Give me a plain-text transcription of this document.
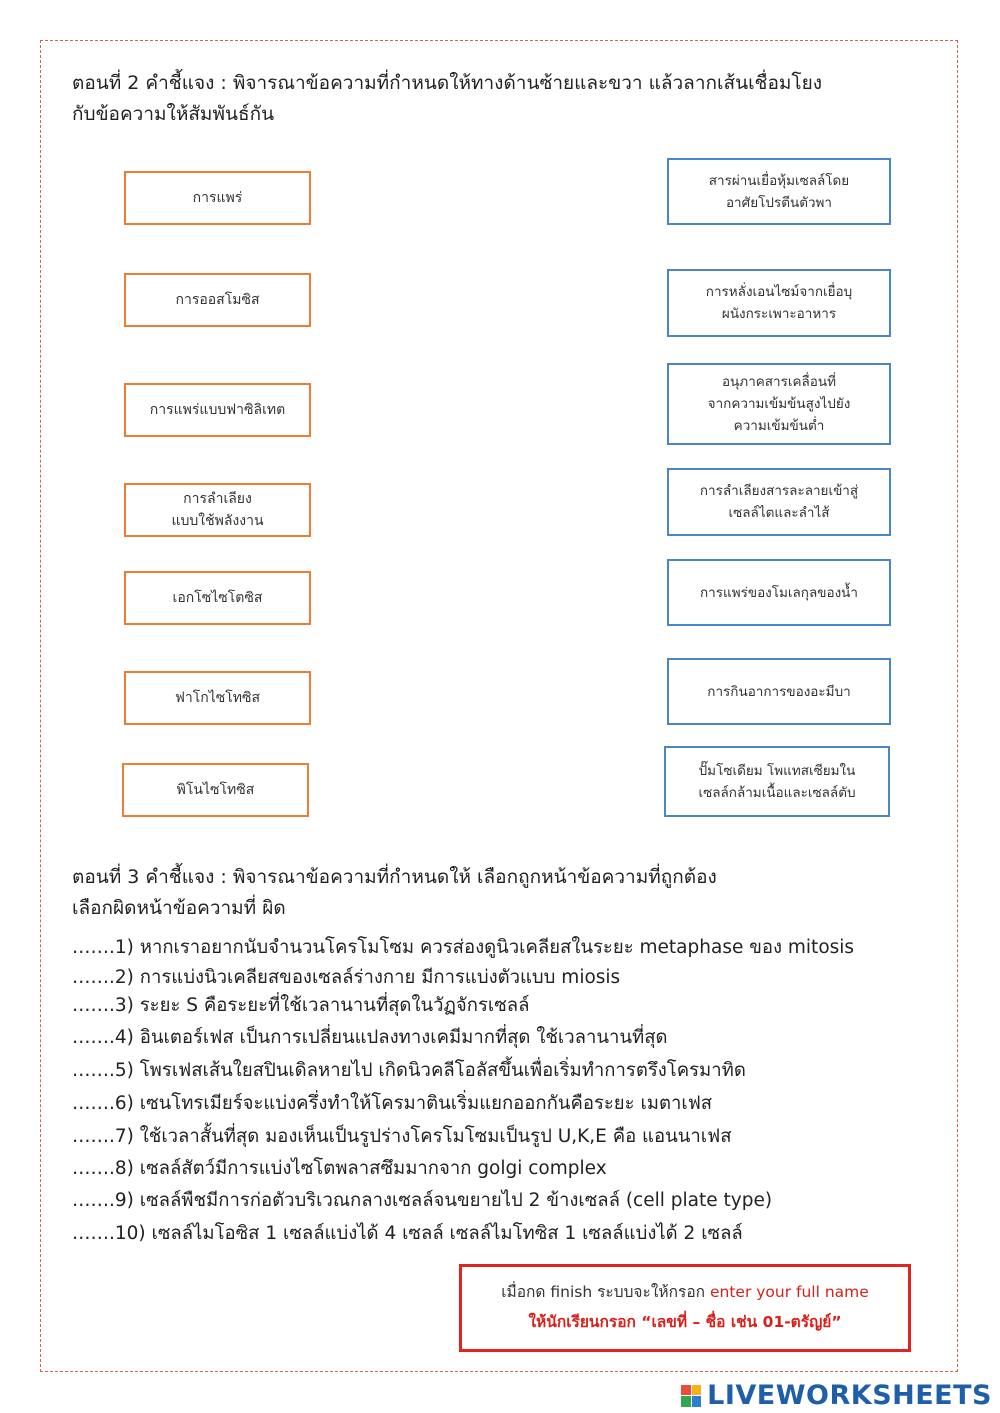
ตอนที่ 2 คำชี้แจง : พิจารณาข้อความที่กำหนดให้ทางด้านซ้ายและขวา แล้วลากเส้นเชื่อมโยง
กับข้อความให้สัมพันธ์กัน
การแพร่
การออสโมซิส
การแพร่แบบฟาซิลิเทต
การลำเลียง
แบบใช้พลังงาน
เอกโซไซโตซิส
ฟาโกไซโทซิส
พิโนไซโทซิส
สารผ่านเยื่อหุ้มเซลล์โดย
อาศัยโปรตีนตัวพา
การหลั่งเอนไซม์จากเยื่อบุ
ผนังกระเพาะอาหาร
อนุภาคสารเคลื่อนที่
จากความเข้มข้นสูงไปยัง
ความเข้มข้นต่ำ
การลำเลียงสารละลายเข้าสู่
เซลล์ไตและลำไส้
การแพร่ของโมเลกุลของน้ำ
การกินอาการของอะมีบา
ปั๊มโซเดียม โพแทสเซียมใน
เซลล์กล้ามเนื้อและเซลล์ตับ
ตอนที่ 3 คำชี้แจง : พิจารณาข้อความที่กำหนดให้ เลือกถูกหน้าข้อความที่ถูกต้อง
เลือกผิดหน้าข้อความที่ ผิด
…….1) หากเราอยากนับจำนวนโครโมโซม ควรส่องดูนิวเคลียสในระยะ metaphase ของ mitosis
…….2) การแบ่งนิวเคลียสของเซลล์ร่างกาย มีการแบ่งตัวแบบ miosis
…….3) ระยะ S คือระยะที่ใช้เวลานานที่สุดในวัฏจักรเซลล์
…….4) อินเตอร์เฟส เป็นการเปลี่ยนแปลงทางเคมีมากที่สุด ใช้เวลานานที่สุด
…….5) โพรเฟสเส้นใยสปินเดิลหายไป เกิดนิวคลีโอลัสขึ้นเพื่อเริ่มทำการตรึงโครมาทิด
…….6) เซนโทรเมียร์จะแบ่งครึ่งทำให้โครมาตินเริ่มแยกออกกันคือระยะ เมตาเฟส
…….7) ใช้เวลาสั้นที่สุด มองเห็นเป็นรูปร่างโครโมโซมเป็นรูป U,K,E คือ แอนนาเฟส
…….8) เซลล์สัตว์มีการแบ่งไซโตพลาสซึมมากจาก golgi complex
…….9) เซลล์พืชมีการก่อตัวบริเวณกลางเซลล์จนขยายไป 2 ข้างเซลล์ (cell plate type)
…….10) เซลล์ไมโอซิส 1 เซลล์แบ่งได้ 4 เซลล์ เซลล์ไมโทซิส 1 เซลล์แบ่งได้ 2 เซลล์
เมื่อกด finish ระบบจะให้กรอก enter your full name
ให้นักเรียนกรอก “เลขที่ – ชื่อ เช่น 01-ตรัญย์”
LIVEWORKSHEETS
